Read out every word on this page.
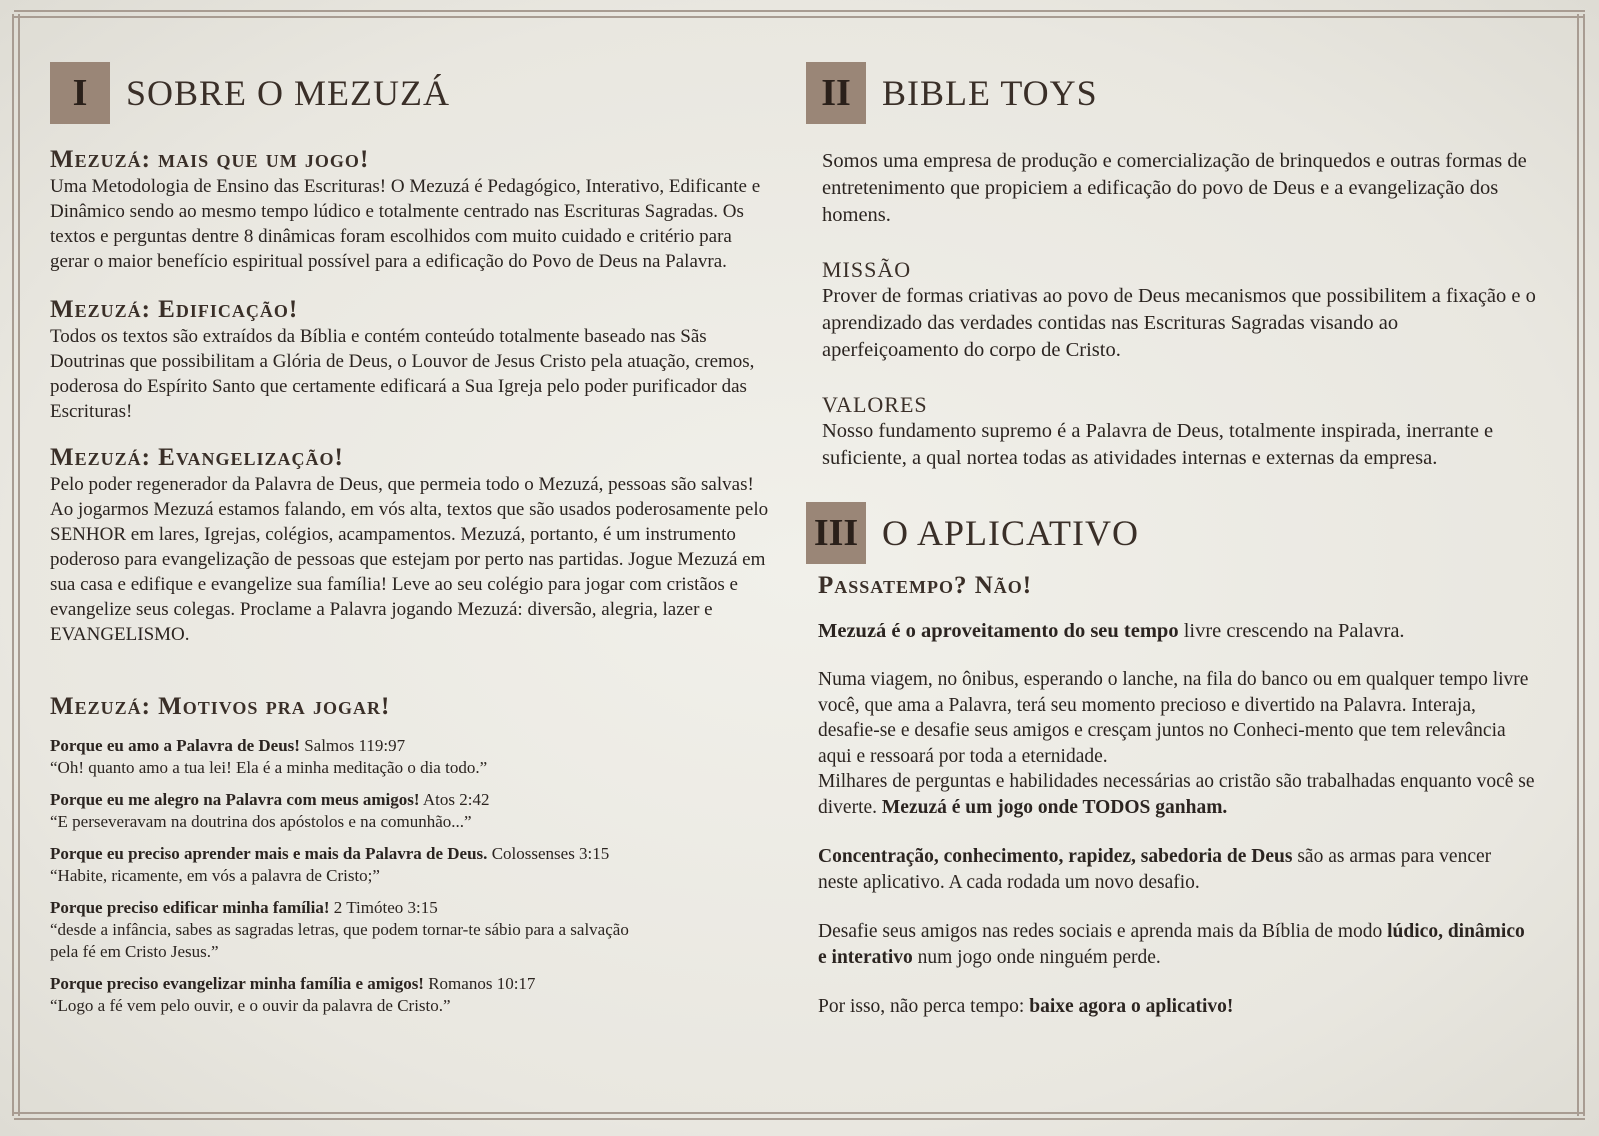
I	SOBRE O MEZUZÁ
Mezuzá: mais que um jogo!

Uma Metodologia de Ensino das Escrituras! O Mezuzá é Pedagógico, Interativo, Edificante e Dinâmico sendo ao mesmo tempo lúdico e totalmente centrado nas Escrituras Sagradas. Os textos e perguntas dentre 8 dinâmicas foram escolhidos com muito cuidado e critério para gerar o maior benefício espiritual possível para a edificação do Povo de Deus na Palavra.

Mezuzá: Edificação!

Todos os textos são extraídos da Bíblia e contém conteúdo totalmente baseado nas Sãs Doutrinas que possibilitam a Glória de Deus, o Louvor de Jesus Cristo pela atuação, cremos, poderosa do Espírito Santo que certamente edificará a Sua Igreja pelo poder purificador das Escrituras!

Mezuzá: Evangelização!

Pelo poder regenerador da Palavra de Deus, que permeia todo o Mezuzá, pessoas são salvas! Ao jogarmos Mezuzá estamos falando, em vós alta, textos que são usados poderosamente pelo SENHOR em lares, Igrejas, colégios, acampamentos. Mezuzá, portanto, é um instrumento poderoso para evangelização de pessoas que estejam por perto nas partidas. Jogue Mezuzá em sua casa e edifique e evangelize sua família! Leve ao seu colégio para jogar com cristãos e evangelize seus colegas. Proclame a Palavra jogando Mezuzá: diversão, alegria, lazer e EVANGELISMO.

Mezuzá: Motivos pra jogar!
Porque eu amo a Palavra de Deus! Salmos 119:97
“Oh! quanto amo a tua lei! Ela é a minha meditação o dia todo.”
Porque eu me alegro na Palavra com meus amigos! Atos 2:42
“E perseveravam na doutrina dos apóstolos e na comunhão...”
Porque eu preciso aprender mais e mais da Palavra de Deus. Colossenses 3:15
“Habite, ricamente, em vós a palavra de Cristo;”
Porque preciso edificar minha família! 2 Timóteo 3:15
“desde a infância, sabes as sagradas letras, que podem tornar-te sábio para a salvação pela fé em Cristo Jesus.”
Porque preciso evangelizar minha família e amigos! Romanos 10:17
“Logo a fé vem pelo ouvir, e o ouvir da palavra de Cristo.”
II BIBLE TOYS

Somos uma empresa de produção e comercialização de brinquedos e outras formas de entretenimento que propiciem a edificação do povo de Deus e a evangelização dos homens.

MISSÃO

Prover de formas criativas ao povo de Deus mecanismos que possibilitem a fixação e o aprendizado das verdades contidas nas Escrituras Sagradas visando ao aperfeiçoamento do corpo de Cristo.

VALORES

Nosso fundamento supremo é a Palavra de Deus, totalmente inspirada, inerrante e suficiente, a qual nortea todas as atividades internas e externas da empresa.

III O APLICATIVO
Passatempo? Não!

Mezuzá é o aproveitamento do seu tempo livre crescendo na Palavra.

Numa viagem, no ônibus, esperando o lanche, na fila do banco ou em qualquer tempo livre você, que ama a Palavra, terá seu momento precioso e divertido na Palavra. Interaja, desafie-se e desafie seus amigos e cresçam juntos no Conheci-mento que tem relevância aqui e ressoará por toda a eternidade.

Milhares de perguntas e habilidades necessárias ao cristão são trabalhadas enquanto você se diverte. Mezuzá é um jogo onde TODOS ganham.

Concentração, conhecimento, rapidez, sabedoria de Deus são as armas para vencer neste aplicativo. A cada rodada um novo desafio.

Desafie seus amigos nas redes sociais e aprenda mais da Bíblia de modo lúdico, dinâmico e interativo num jogo onde ninguém perde.

Por isso, não perca tempo: baixe agora o aplicativo!
